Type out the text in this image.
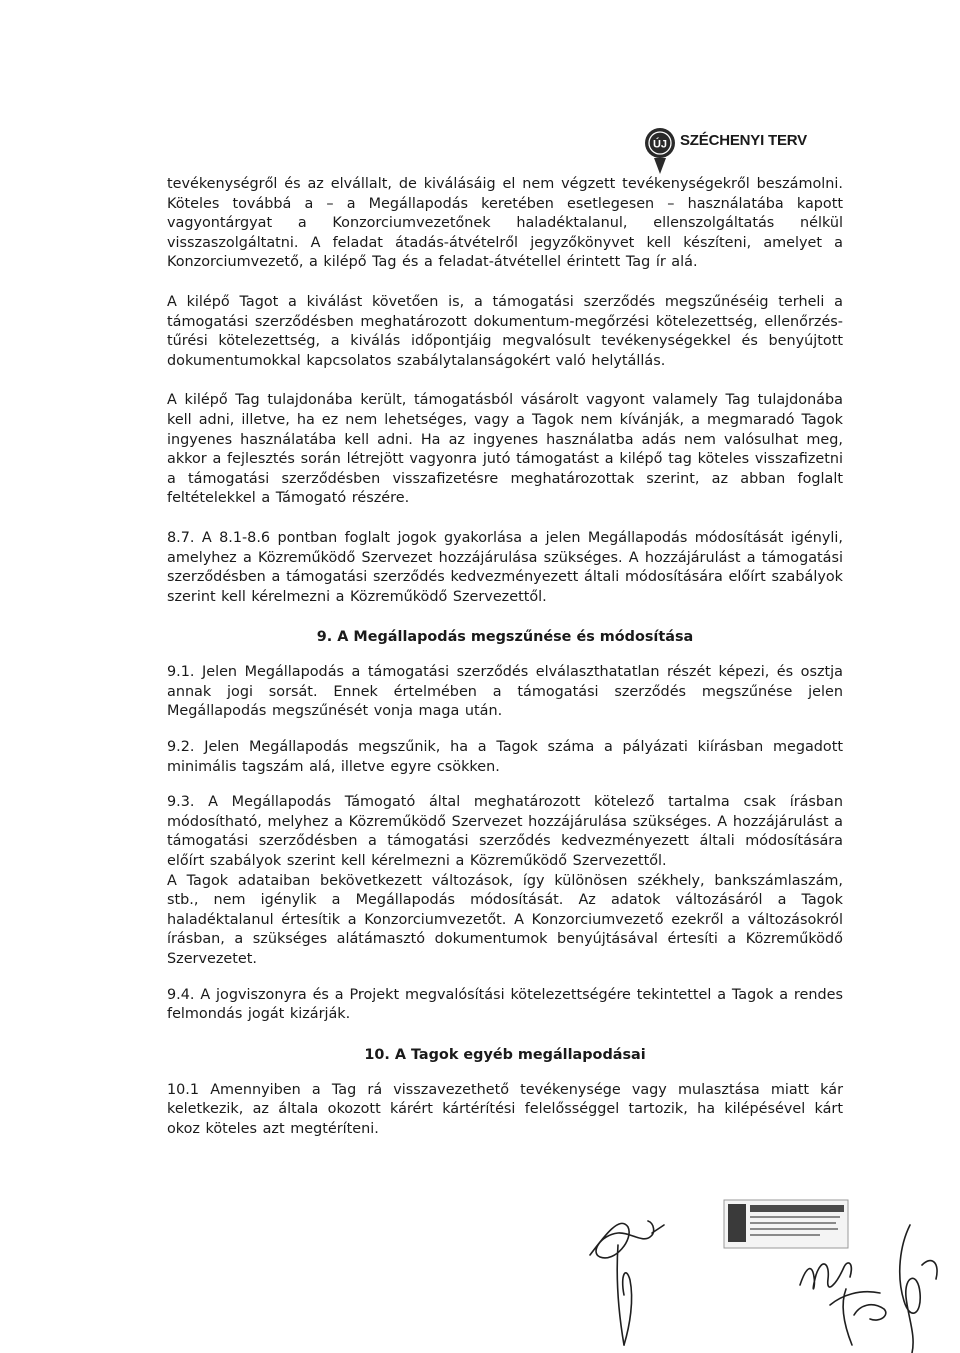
ÚJ SZÉCHENYI TERV

tevékenységről és az elvállalt, de kiválásáig el nem végzett tevékenységekről beszámolni. Köteles továbbá a – a Megállapodás keretében esetlegesen – használatába kapott vagyontárgyat a Konzorciumvezetőnek haladéktalanul, ellenszolgáltatás nélkül visszaszolgáltatni. A feladat átadás-átvételről jegyzőkönyvet kell készíteni, amelyet a Konzorciumvezető, a kilépő Tag és a feladat-átvétellel érintett Tag ír alá.

A kilépő Tagot a kiválást követően is, a támogatási szerződés megszűnéséig terheli a támogatási szerződésben meghatározott dokumentum-megőrzési kötelezettség, ellenőrzés-tűrési kötelezettség, a kiválás időpontjáig megvalósult tevékenységekkel és benyújtott dokumentumokkal kapcsolatos szabálytalanságokért való helytállás.

A kilépő Tag tulajdonába került, támogatásból vásárolt vagyont valamely Tag tulajdonába kell adni, illetve, ha ez nem lehetséges, vagy a Tagok nem kívánják, a megmaradó Tagok ingyenes használatába kell adni. Ha az ingyenes használatba adás nem valósulhat meg, akkor a fejlesztés során létrejött vagyonra jutó támogatást a kilépő tag köteles visszafizetni a támogatási szerződésben visszafizetésre meghatározottak szerint, az abban foglalt feltételekkel a Támogató részére.

8.7. A 8.1-8.6 pontban foglalt jogok gyakorlása a jelen Megállapodás módosítását igényli, amelyhez a Közreműködő Szervezet hozzájárulása szükséges. A hozzájárulást a támogatási szerződésben a támogatási szerződés kedvezményezett általi módosítására előírt szabályok szerint kell kérelmezni a Közreműködő Szervezettől.

9. A Megállapodás megszűnése és módosítása

9.1. Jelen Megállapodás a támogatási szerződés elválaszthatatlan részét képezi, és osztja annak jogi sorsát. Ennek értelmében a támogatási szerződés megszűnése jelen Megállapodás megszűnését vonja maga után.

9.2. Jelen Megállapodás megszűnik, ha a Tagok száma a pályázati kiírásban megadott minimális tagszám alá, illetve egyre csökken.

9.3. A Megállapodás Támogató által meghatározott kötelező tartalma csak írásban módosítható, melyhez a Közreműködő Szervezet hozzájárulása szükséges. A hozzájárulást a támogatási szerződésben a támogatási szerződés kedvezményezett általi módosítására előírt szabályok szerint kell kérelmezni a Közreműködő Szervezettől.

A Tagok adataiban bekövetkezett változások, így különösen székhely, bankszámlaszám, stb., nem igénylik a Megállapodás módosítását. Az adatok változásáról a Tagok haladéktalanul értesítik a Konzorciumvezetőt. A Konzorciumvezető ezekről a változásokról írásban, a szükséges alátámasztó dokumentumok benyújtásával értesíti a Közreműködő Szervezetet.

9.4. A jogviszonyra és a Projekt megvalósítási kötelezettségére tekintettel a Tagok a rendes felmondás jogát kizárják.

10. A Tagok egyéb megállapodásai

10.1 Amennyiben a Tag rá visszavezethető tevékenysége vagy mulasztása miatt kár keletkezik, az általa okozott kárért kártérítési felelősséggel tartozik, ha kilépésével kárt okoz köteles azt megtéríteni.
